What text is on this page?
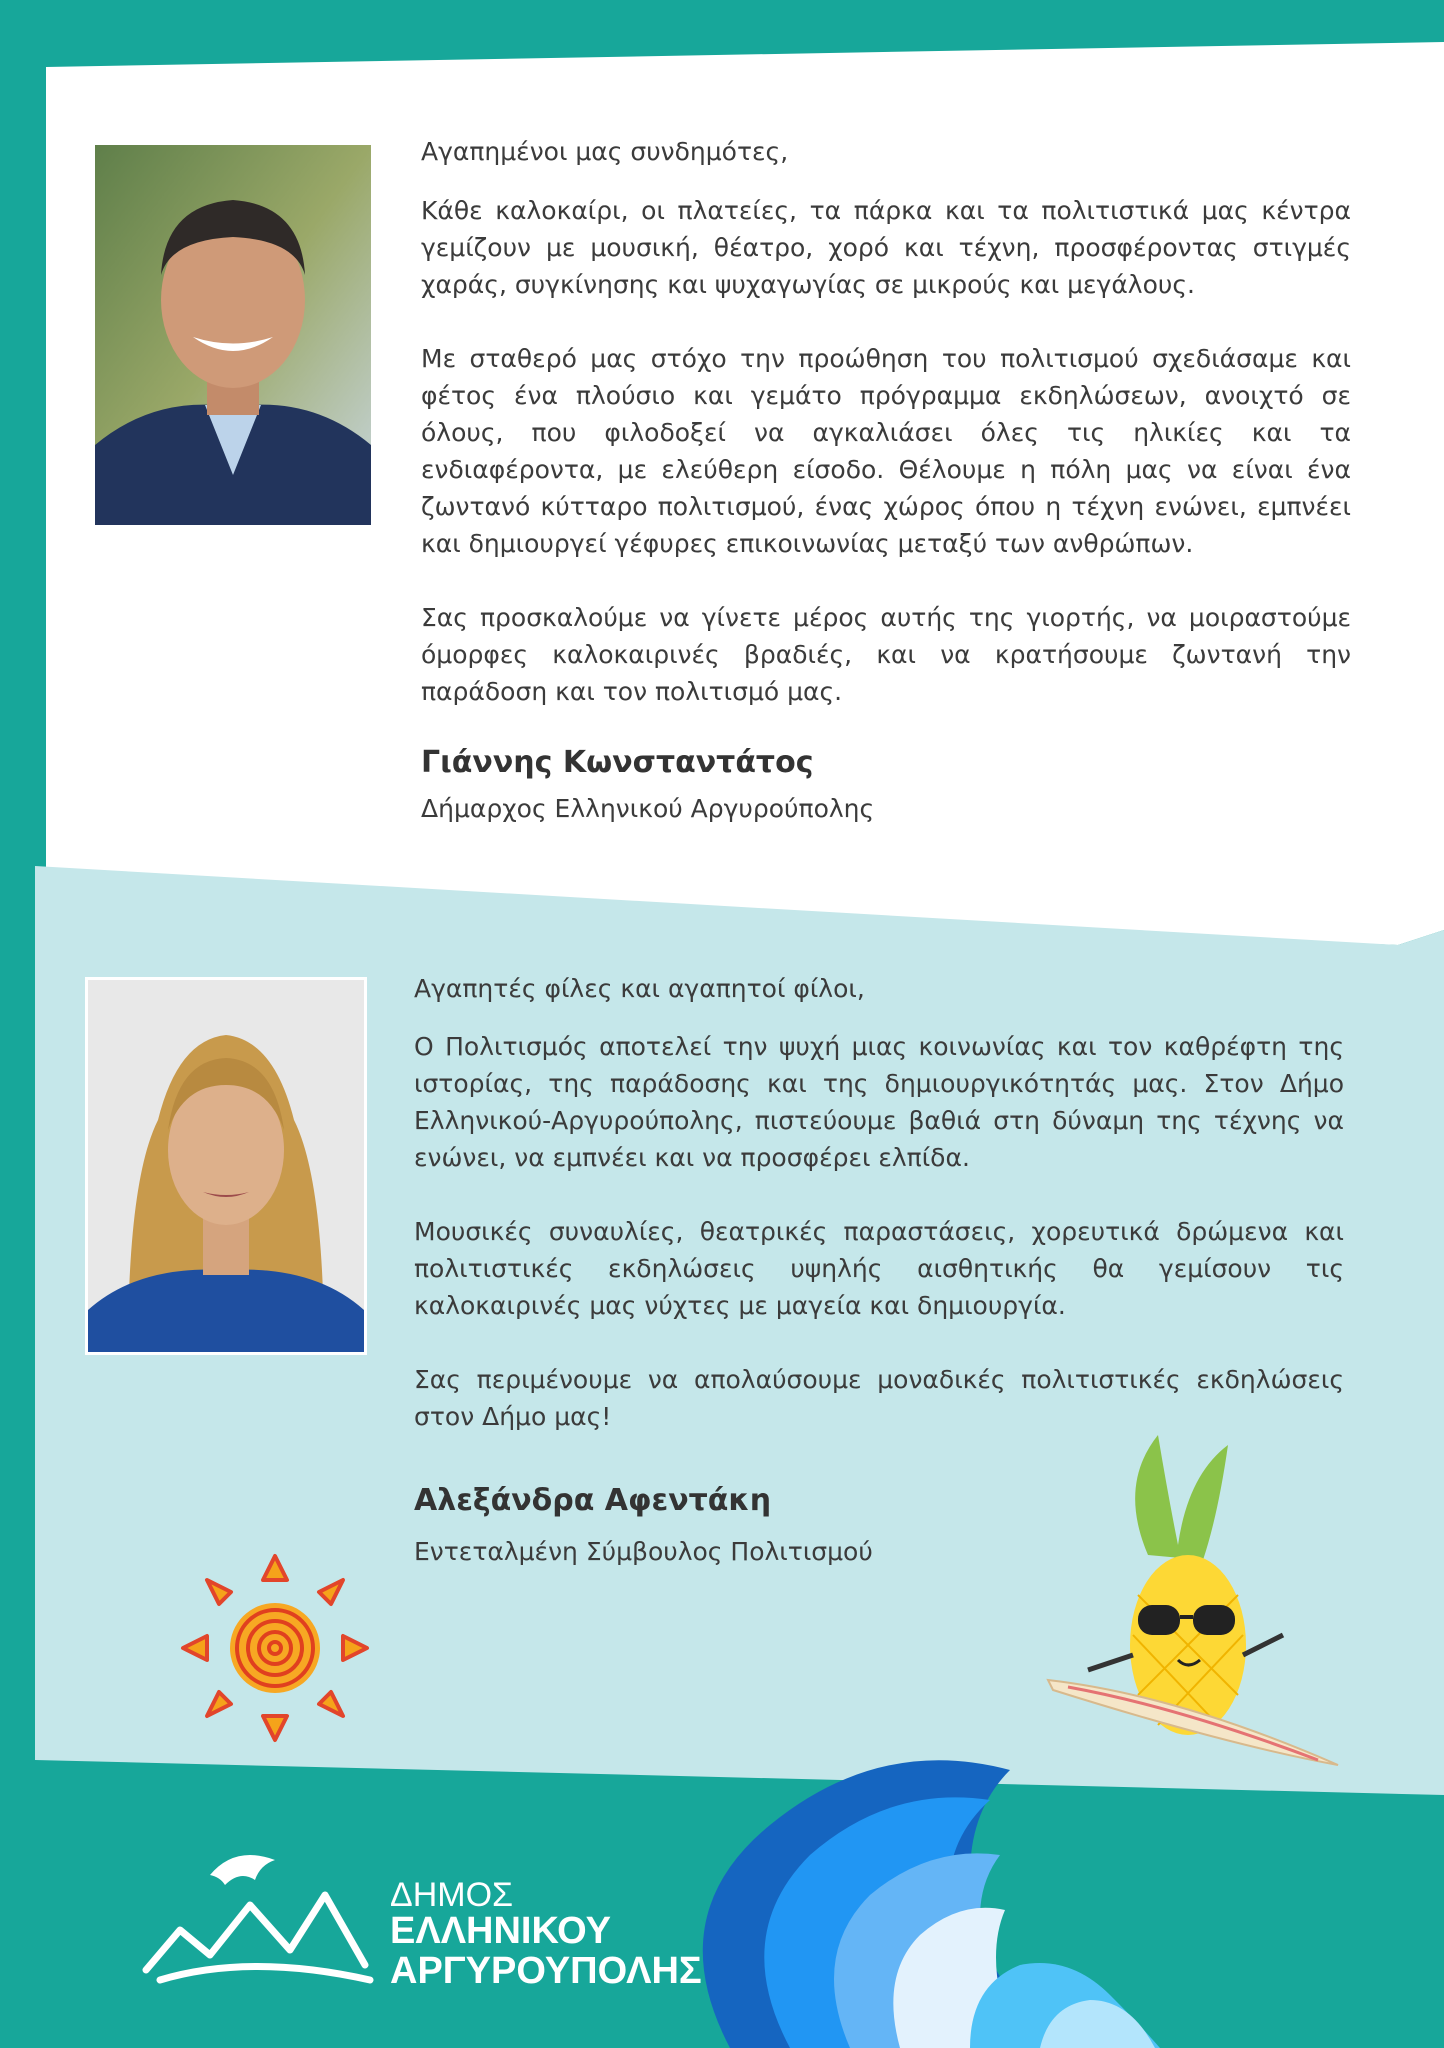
Αγαπημένοι μας συνδημότες,

Κάθε καλοκαίρι, οι πλατείες, τα πάρκα και τα πολιτιστικά μας κέντρα γεμίζουν με μουσική, θέατρο, χορό και τέχνη, προσφέροντας στιγμές χαράς, συγκίνησης και ψυχαγωγίας σε μικρούς και μεγάλους.

Με σταθερό μας στόχο την προώθηση του πολιτισμού σχεδιάσαμε και φέτος ένα πλούσιο και γεμάτο πρόγραμμα εκδηλώσεων, ανοιχτό σε όλους, που φιλοδοξεί να αγκαλιάσει όλες τις ηλικίες και τα ενδιαφέροντα, με ελεύθερη είσοδο. Θέλουμε η πόλη μας να είναι ένα ζωντανό κύτταρο πολιτισμού, ένας χώρος όπου η τέχνη ενώνει, εμπνέει και δημιουργεί γέφυρες επικοινωνίας μεταξύ των ανθρώπων.

Σας προσκαλούμε να γίνετε μέρος αυτής της γιορτής, να μοιραστούμε όμορφες καλοκαιρινές βραδιές, και να κρατήσουμε ζωντανή την παράδοση και τον πολιτισμό μας.

Γιάννης Κωνσταντάτος

Δήμαρχος Ελληνικού Αργυρούπολης

Αγαπητές φίλες και αγαπητοί φίλοι,

Ο Πολιτισμός αποτελεί την ψυχή μιας κοινωνίας και τον καθρέφτη της ιστορίας, της παράδοσης και της δημιουργικότητάς μας. Στον Δήμο Ελληνικού-Αργυρούπολης, πιστεύουμε βαθιά στη δύναμη της τέχνης να ενώνει, να εμπνέει και να προσφέρει ελπίδα.

Μουσικές συναυλίες, θεατρικές παραστάσεις, χορευτικά δρώμενα και πολιτιστικές εκδηλώσεις υψηλής αισθητικής θα γεμίσουν τις καλοκαιρινές μας νύχτες με μαγεία και δημιουργία.

Σας περιμένουμε να απολαύσουμε μοναδικές πολιτιστικές εκδηλώσεις στον Δήμο μας!

Αλεξάνδρα Αφεντάκη

Εντεταλμένη Σύμβουλος Πολιτισμού

ΔΗΜΟΣ
ΕΛΛΗΝΙΚΟΥ
ΑΡΓΥΡΟΥΠΟΛΗΣ
